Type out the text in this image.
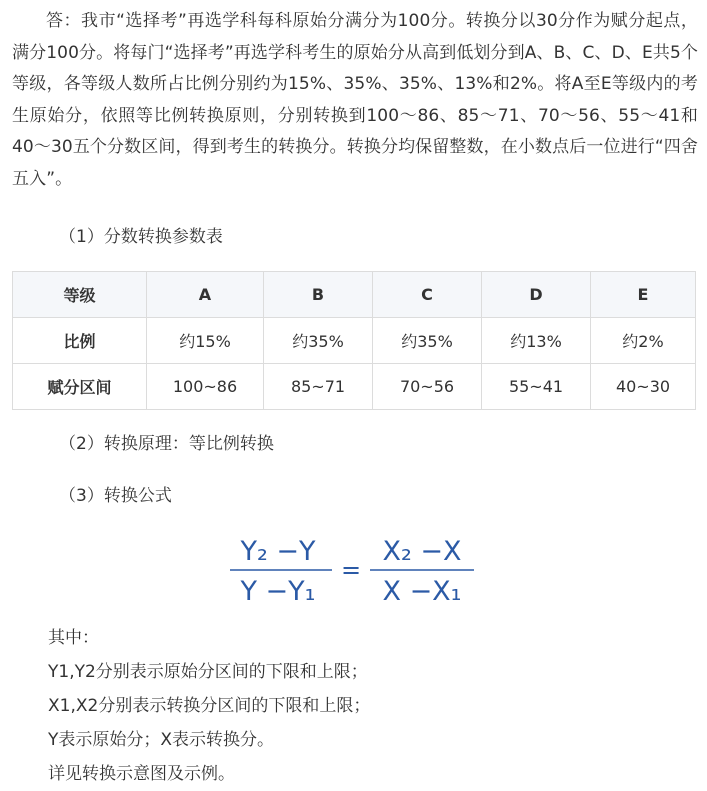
答：我市“选择考”再选学科每科原始分满分为100分。转换分以30分作为赋分起点，满分100分。将每门“选择考”再选学科考生的原始分从高到低划分到A、B、C、D、E共5个等级，各等级人数所占比例分别约为15%、35%、35%、13%和2%。将A至E等级内的考生原始分，依照等比例转换原则，分别转换到100～86、85～71、70～56、55～41和40～30五个分数区间，得到考生的转换分。转换分均保留整数，在小数点后一位进行“四舍五入”。

（1）分数转换参数表

等级	A	B	C	D	E
比例	约15%	约35%	约35%	约13%	约2%
赋分区间	100~86	85~71	70~56	55~41	40~30

（2）转换原理：等比例转换

（3）转换公式

Y₂ −Y
Y −Y₁
=
X₂ −X
X −X₁
其中：
Y1,Y2分别表示原始分区间的下限和上限；
X1,X2分别表示转换分区间的下限和上限；
Y表示原始分；X表示转换分。
详见转换示意图及示例。
